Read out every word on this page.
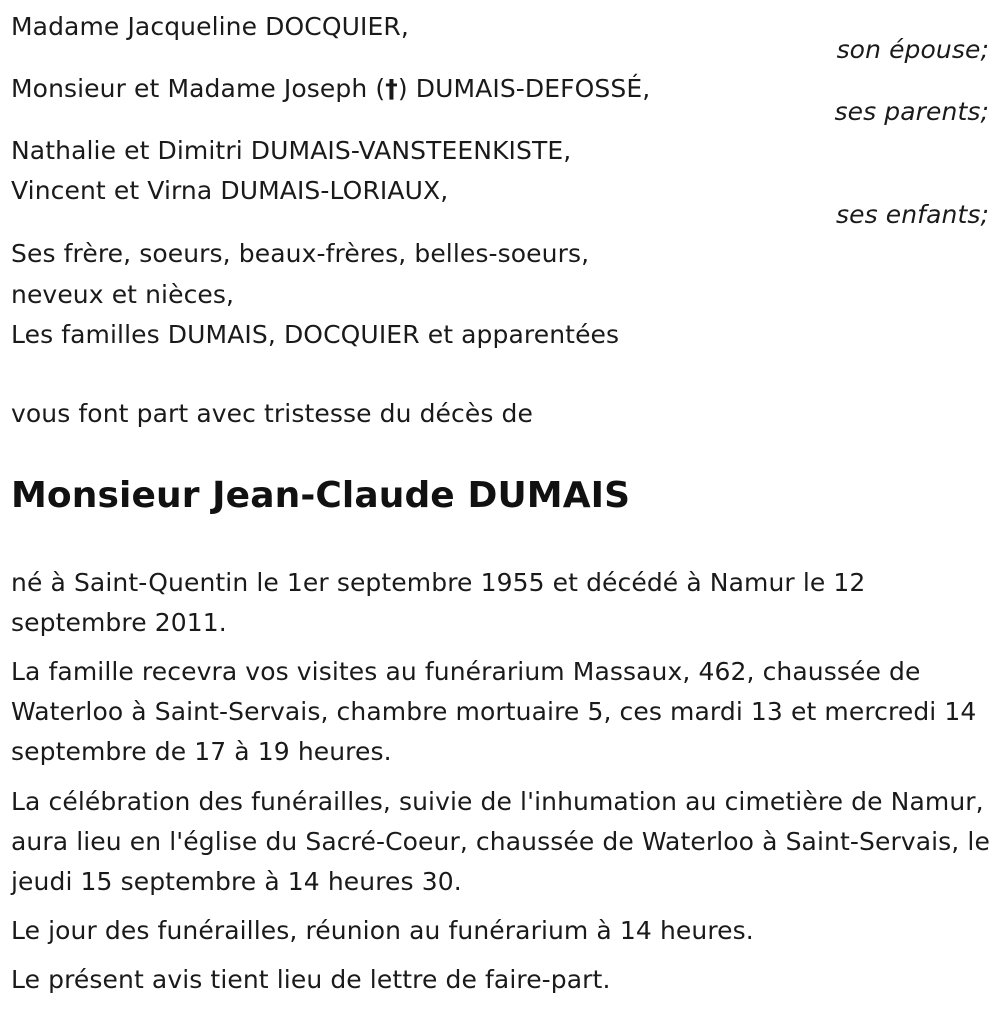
Madame Jacqueline DOCQUIER,
son épouse;
Monsieur et Madame Joseph (†) DUMAIS-DEFOSSÉ,
ses parents;
Nathalie et Dimitri DUMAIS-VANSTEENKISTE,
Vincent et Virna DUMAIS-LORIAUX,
ses enfants;
Ses frère, soeurs, beaux-frères, belles-soeurs,
neveux et nièces,
Les familles DUMAIS, DOCQUIER et apparentées
vous font part avec tristesse du décès de
Monsieur Jean-Claude DUMAIS
né à Saint-Quentin le 1er septembre 1955 et décédé à Namur le 12 septembre 2011.
La famille recevra vos visites au funérarium Massaux, 462, chaussée de Waterloo à Saint-Servais, chambre mortuaire 5, ces mardi 13 et mercredi 14 septembre de 17 à 19 heures.
La célébration des funérailles, suivie de l'inhumation au cimetière de Namur, aura lieu en l'église du Sacré-Coeur, chaussée de Waterloo à Saint-Servais, le jeudi 15 septembre à 14 heures 30.
Le jour des funérailles, réunion au funérarium à 14 heures.
Le présent avis tient lieu de lettre de faire-part.
